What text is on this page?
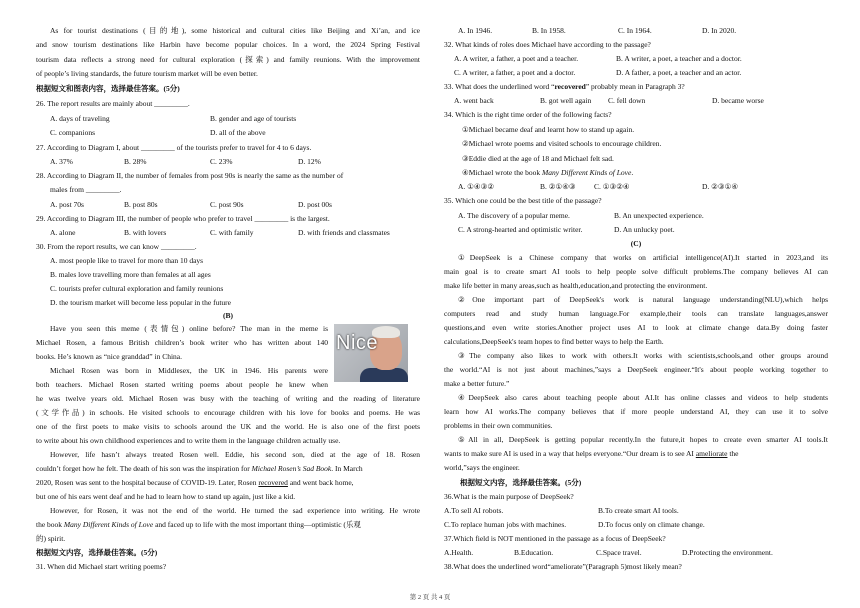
As for tourist destinations (目的地), some historical and cultural cities like Beijing and Xi’an, and ice
and snow tourism destinations like Harbin have become popular choices. In a word, the 2024 Spring Festival
tourism data reflects a strong need for cultural exploration (探索) and family reunions. With the improvement
of people’s living standards, the future tourism market will be even better.
根据短文和图表内容，选择最佳答案。(5分)
26. The report results are mainly about _________.
A. days of traveling	B. gender and age of tourists
C. companions	D. all of the above
27. According to Diagram I, about _________ of the tourists prefer to travel for 4 to 6 days.
A. 37%	B. 28%	C. 23%	D. 12%
28. According to Diagram II, the number of females from post 90s is nearly the same as the number of
males from _________.
A. post 70s	B. post 80s	C. post 90s	D. post 00s
29. According to Diagram III, the number of people who prefer to travel _________ is the largest.
A. alone	B. with lovers	C. with family	D. with friends and classmates
30. From the report results, we can know _________.
A. most people like to travel for more than 10 days
B. males love travelling more than females at all ages
C. tourists prefer cultural exploration and family reunions
D. the tourism market will become less popular in the future
(B)
Have you seen this meme (表情包) online before? The man in the meme is
Michael Rosen, a famous British children’s book writer who has written about 140
books. He’s known as “nice granddad” in China.
Michael Rosen was born in Middlesex, the UK in 1946. His parents were
both teachers. Michael Rosen started writing poems about people he knew when
he was twelve years old. Michael Rosen was busy with the teaching of writing and the reading of literature
(文学作品) in schools. He visited schools to encourage children with his love for books and poems. He was
one of the first poets to make visits to schools around the UK and the world. He is also one of the first poets
to write about his own childhood experiences and to write them in the language children actually use.
However, life hasn’t always treated Rosen well. Eddie, his second son, died at the age of 18. Rosen
couldn’t forget how he felt. The death of his son was the inspiration for Michael Rosen’s Sad Book. In March
2020, Rosen was sent to the hospital because of COVID-19. Later, Rosen recovered and went back home,
but one of his ears went deaf and he had to learn how to stand up again, just like a kid.
However, for Rosen, it was not the end of the world. He turned the sad experience into writing. He wrote
the book Many Different Kinds of Love and faced up to life with the most important thing—optimistic (乐观
的) spirit.
根据短文内容，选择最佳答案。(5分)
31. When did Michael start writing poems?
Nice
A. In 1946.	B. In 1958.	C. In 1964.	D. In 2020.
32. What kinds of roles does Michael have according to the passage?
A. A writer, a father, a poet and a teacher.	B. A writer, a poet, a teacher and a doctor.
C. A writer, a father, a poet and a doctor.	D. A father, a poet, a teacher and an actor.
33. What does the underlined word “recovered” probably mean in Paragraph 3?
A. went back	B. got well again C. fell down	D. became worse
34. Which is the right time order of the following facts?
①Michael became deaf and learnt how to stand up again.
②Michael wrote poems and visited schools to encourage children.
③Eddie died at the age of 18 and Michael felt sad.
④Michael wrote the book Many Different Kinds of Love.
A. ①④③②	B. ②①④③ C. ①③②④	D. ②③①④
35. Which one could be the best title of the passage?
A. The discovery of a popular meme.	B. An unexpected experience.
C. A strong-hearted and optimistic writer.	D. An unlucky poet.
(C)
①DeepSeek is a Chinese company that works on artificial intelligence(AI).It started in 2023,and its
main goal is to create smart AI tools to help people solve difficult problems.The company believes AI can
make life better in many areas,such as health,education,and protecting the environment.
②One important part of DeepSeek's work is natural language understanding(NLU),which helps
computers read and study human language.For example,their tools can translate languages,answer
questions,and even write stories.Another project uses AI to look at climate change data.By doing faster
calculations,DeepSeek's team hopes to find better ways to help the Earth.
③The company also likes to work with others.It works with scientists,schools,and other groups around
the world.“AI is not just about machines,”says a DeepSeek engineer.“It's about people working together to
make a better future.”
④DeepSeek also cares about teaching people about AI.It has online classes and videos to help students
learn how AI works.The company believes that if more people understand AI, they can use it to solve
problems in their own communities.
⑤All in all, DeepSeek is getting popular recently.In the future,it hopes to create even smarter AI tools.It
wants to make sure AI is used in a way that helps everyone.“Our dream is to see AI ameliorate the
world,”says the engineer.
根据短文内容，选择最佳答案。(5分)
36.What is the main purpose of DeepSeek?
A.To sell AI robots.	B.To create smart AI tools.
C.To replace human jobs with machines.	D.To focus only on climate change.
37.Which field is NOT mentioned in the passage as a focus of DeepSeek?
A.Health.	B.Education.	C.Space travel.	D.Protecting the environment.
38.What does the underlined word“ameliorate”(Paragraph 5)most likely mean?
第 2 页 共 4 页
